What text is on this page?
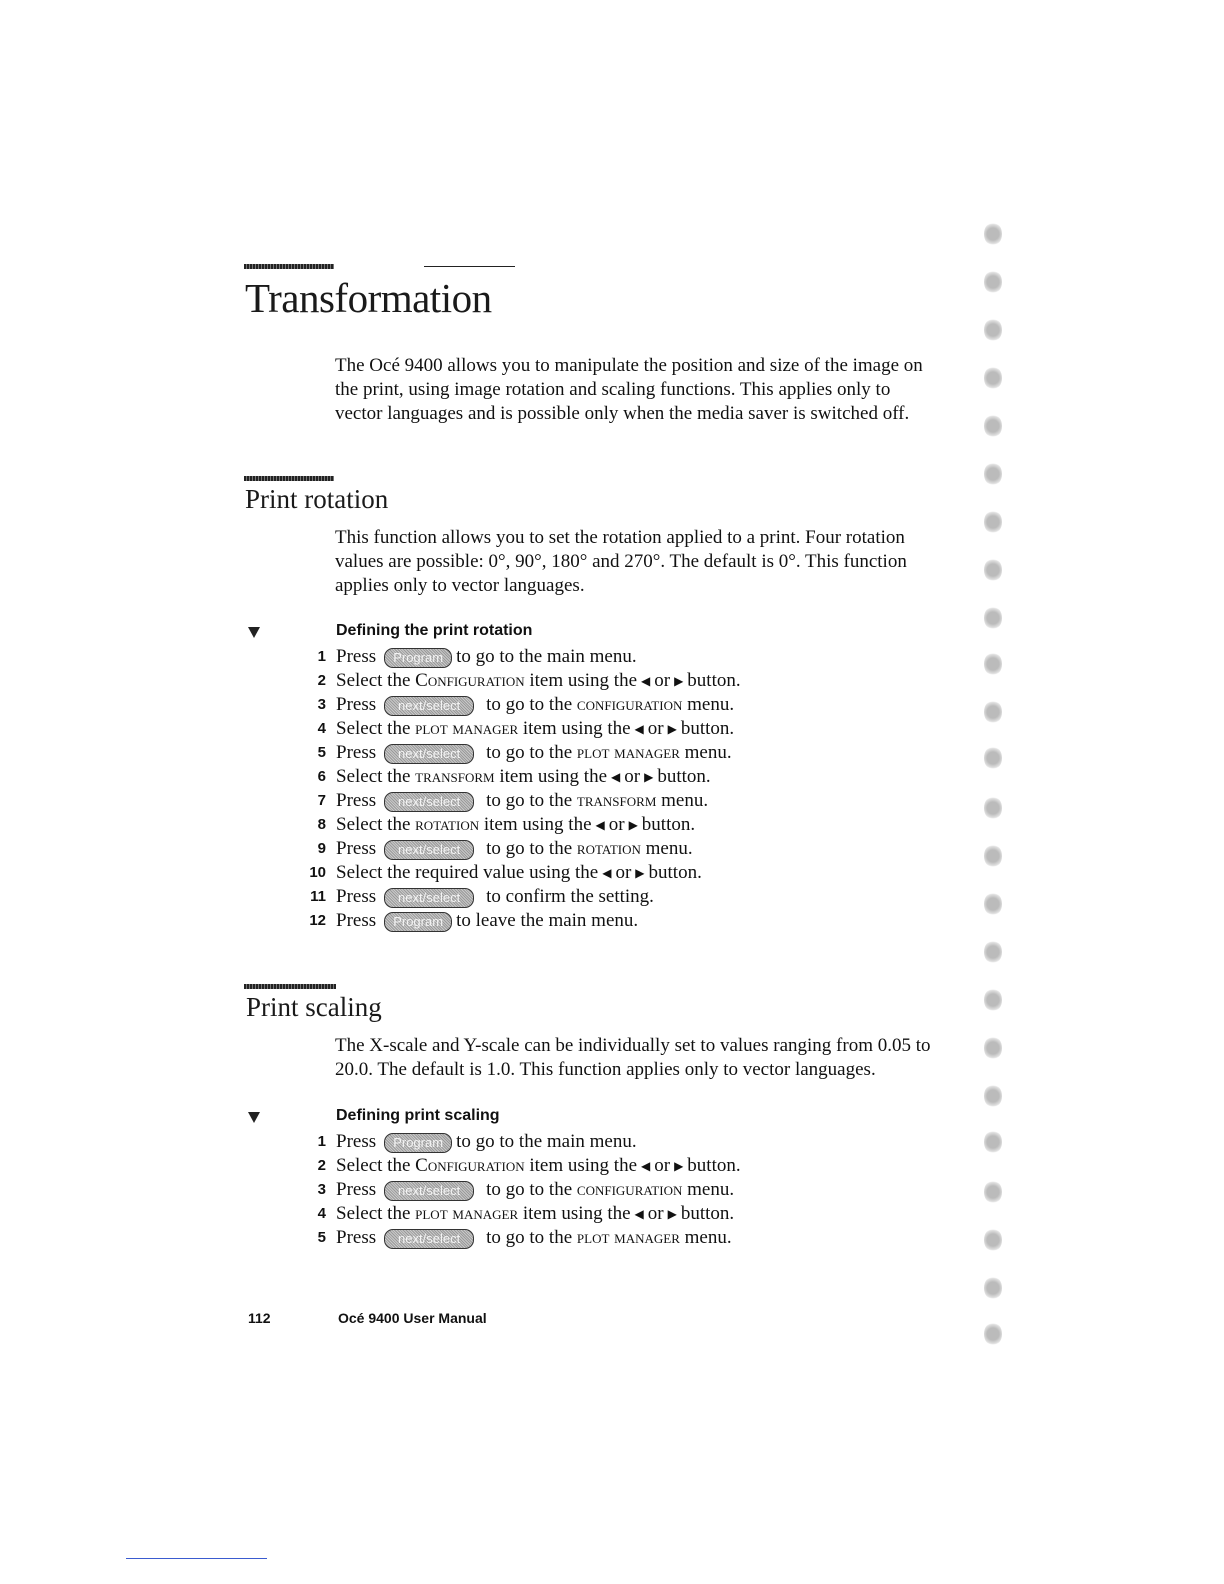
Transformation
The Océ 9400 allows you to manipulate the position and size of the image on
the print, using image rotation and scaling functions. This applies only to
vector languages and is possible only when the media saver is switched off.
Print rotation
This function allows you to set the rotation applied to a print. Four rotation
values are possible: 0°, 90°, 180° and 270°. The default is 0°. This function
applies only to vector languages.
Defining the print rotation
1 Press Program to go to the main menu.
2 Select the Configuration item using the ◀ or ▶ button.
3 Press next/select to go to the configuration menu.
4 Select the plot manager item using the ◀ or ▶ button.
5 Press next/select to go to the plot manager menu.
6 Select the transform item using the ◀ or ▶ button.
7 Press next/select to go to the transform menu.
8 Select the rotation item using the ◀ or ▶ button.
9 Press next/select to go to the rotation menu.
10 Select the required value using the ◀ or ▶ button.
11 Press next/select to confirm the setting.
12 Press Program to leave the main menu.
Print scaling
The X-scale and Y-scale can be individually set to values ranging from 0.05 to
20.0. The default is 1.0. This function applies only to vector languages.
Defining print scaling
1 Press Program to go to the main menu.
2 Select the Configuration item using the ◀ or ▶ button.
3 Press next/select to go to the configuration menu.
4 Select the plot manager item using the ◀ or ▶ button.
5 Press next/select to go to the plot manager menu.
112	Océ 9400 User Manual
